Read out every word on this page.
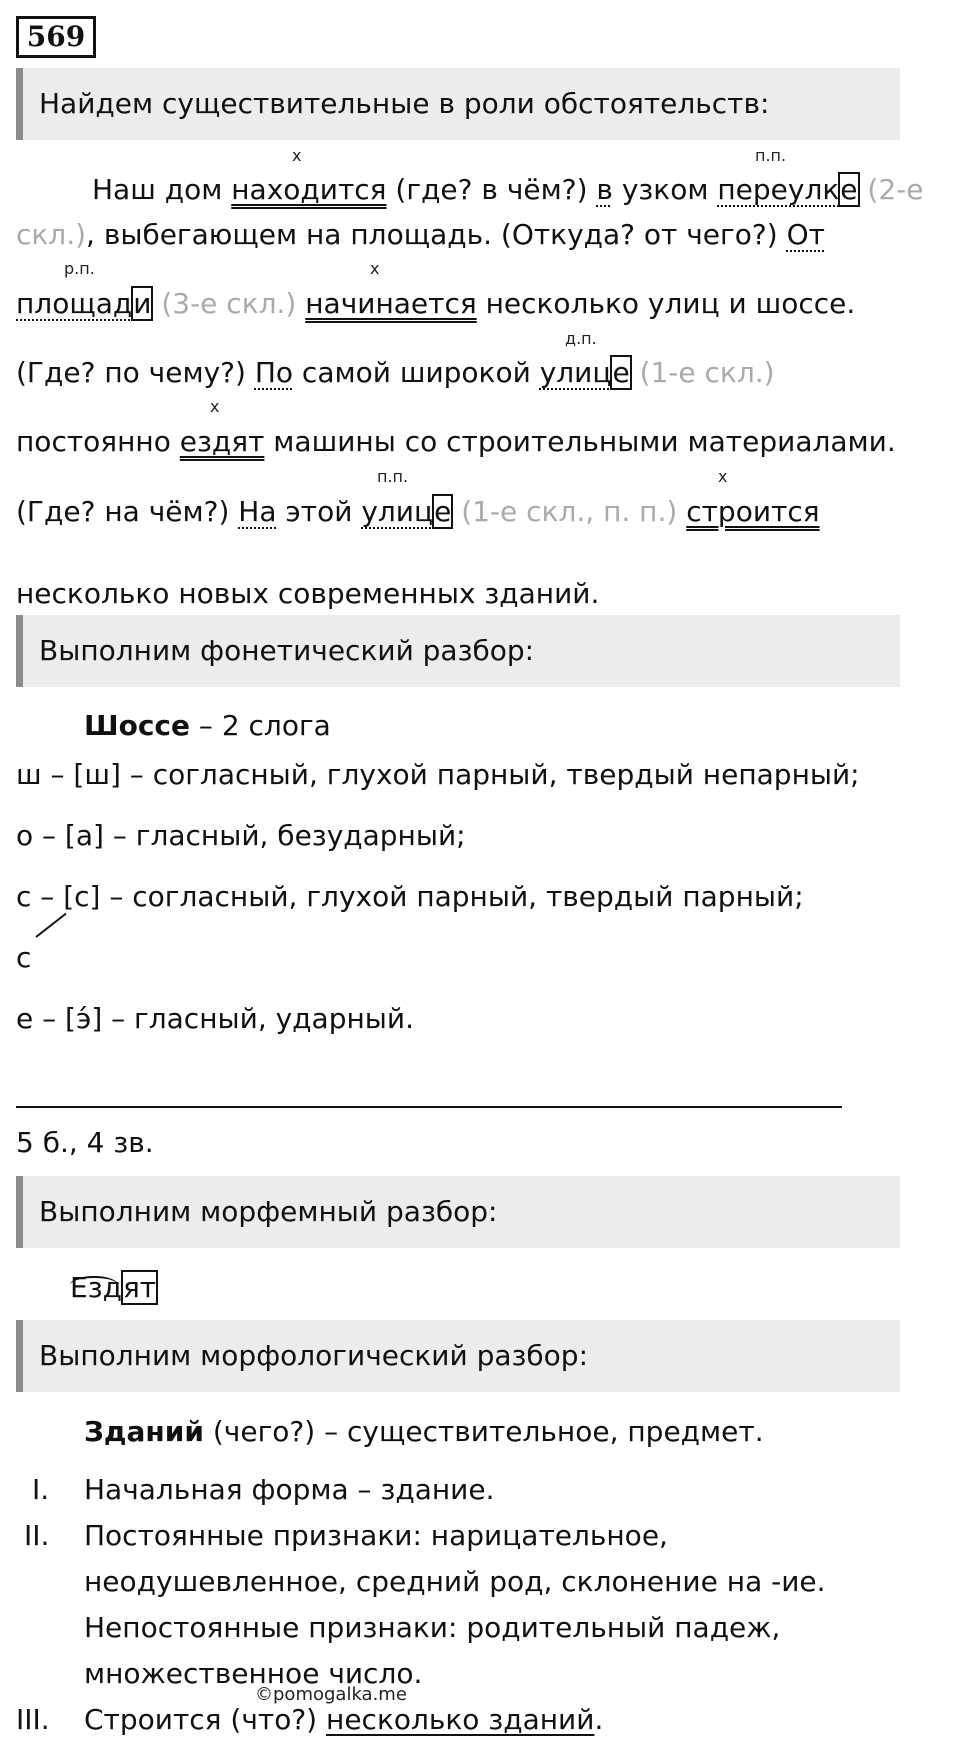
569
Найдем существительные в роли обстоятельств:
х	п.п.
Наш дом находится (где? в чём?) в узком переулке (2-е
скл.), выбегающем на площадь. (Откуда? от чего?) От
р.п.	х
площади (3-е скл.) начинается несколько улиц и шоссе.
д.п.
(Где? по чему?) По самой широкой улице (1-е скл.)
х
постоянно ездят машины со строительными материалами.
х
п.п.
(Где? на чём?) На этой улице (1-е скл., п. п.) строится
несколько новых современных зданий.
Выполним фонетический разбор:
Шоссе – 2 слога
ш – [ш] – согласный, глухой парный, твердый непарный;
о – [а] – гласный, безударный;
с – [с] – согласный, глухой парный, твердый парный;
с
е – [э́] – гласный, ударный.
5 б., 4 зв.
Выполним морфемный разбор:
Ездят
Выполним морфологический разбор:
Зданий (чего?) – существительное, предмет.
I. Начальная форма – здание.
II. Постоянные признаки: нарицательное,
неодушевленное, средний род, склонение на -ие.
Непостоянные признаки: родительный падеж,
множественное число.
©pomogalka.me
III. Строится (что?) несколько зданий.
